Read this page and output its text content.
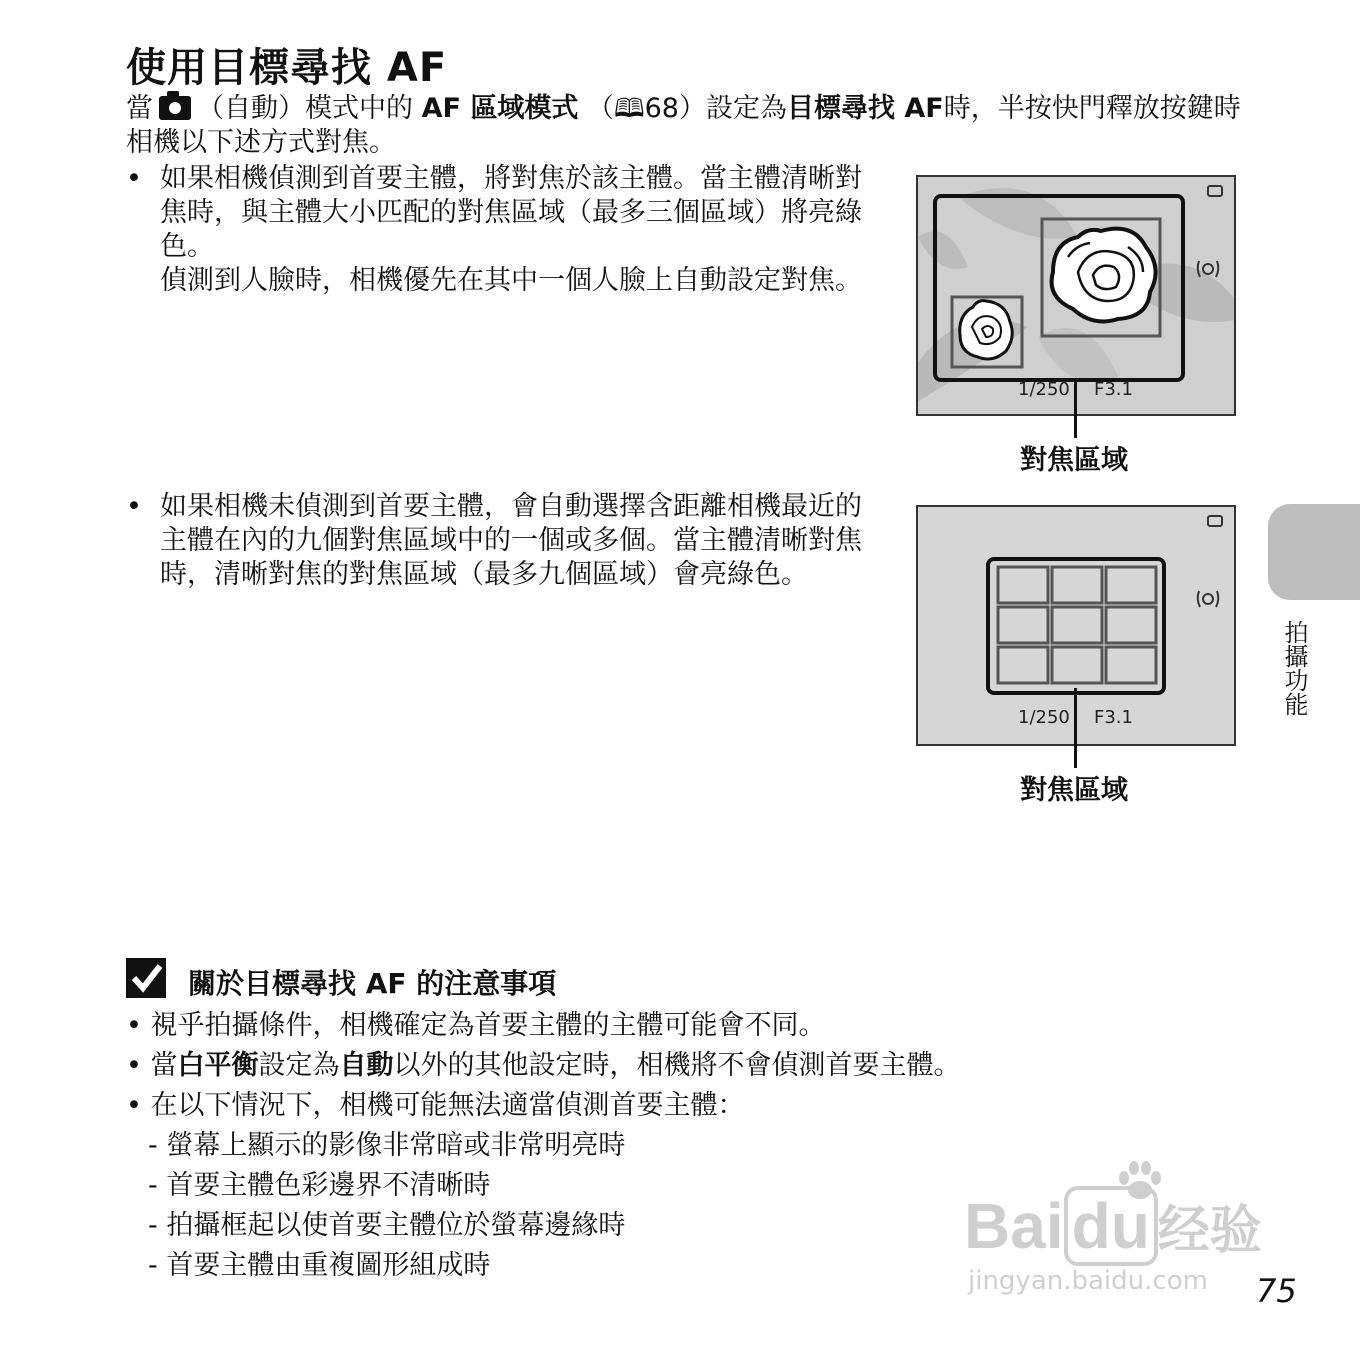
使用目標尋找 AF
當 （自動）模式中的 AF 區域模式 （🕮68）設定為目標尋找 AF時，半按快門釋放按鍵時相機以下述方式對焦。
• 如果相機偵測到首要主體，將對焦於該主體。當主體清晰對焦時，與主體大小匹配的對焦區域（最多三個區域）將亮綠色。
偵測到人臉時，相機優先在其中一個人臉上自動設定對焦。
• 如果相機未偵測到首要主體，會自動選擇含距離相機最近的主體在內的九個對焦區域中的一個或多個。當主體清晰對焦時，清晰對焦的對焦區域（最多九個區域）會亮綠色。
1/250 F3.1
對焦區域
1/250 F3.1
對焦區域
拍攝功能
關於目標尋找 AF 的注意事項
• 視乎拍攝條件，相機確定為首要主體的主體可能會不同。
• 當白平衡設定為自動以外的其他設定時，相機將不會偵測首要主體。
• 在以下情況下，相機可能無法適當偵測首要主體：
- 螢幕上顯示的影像非常暗或非常明亮時
- 首要主體色彩邊界不清晰時
- 拍攝框起以使首要主體位於螢幕邊緣時
- 首要主體由重複圖形組成時
Bai du 经验
jingyan.baidu.com 75
